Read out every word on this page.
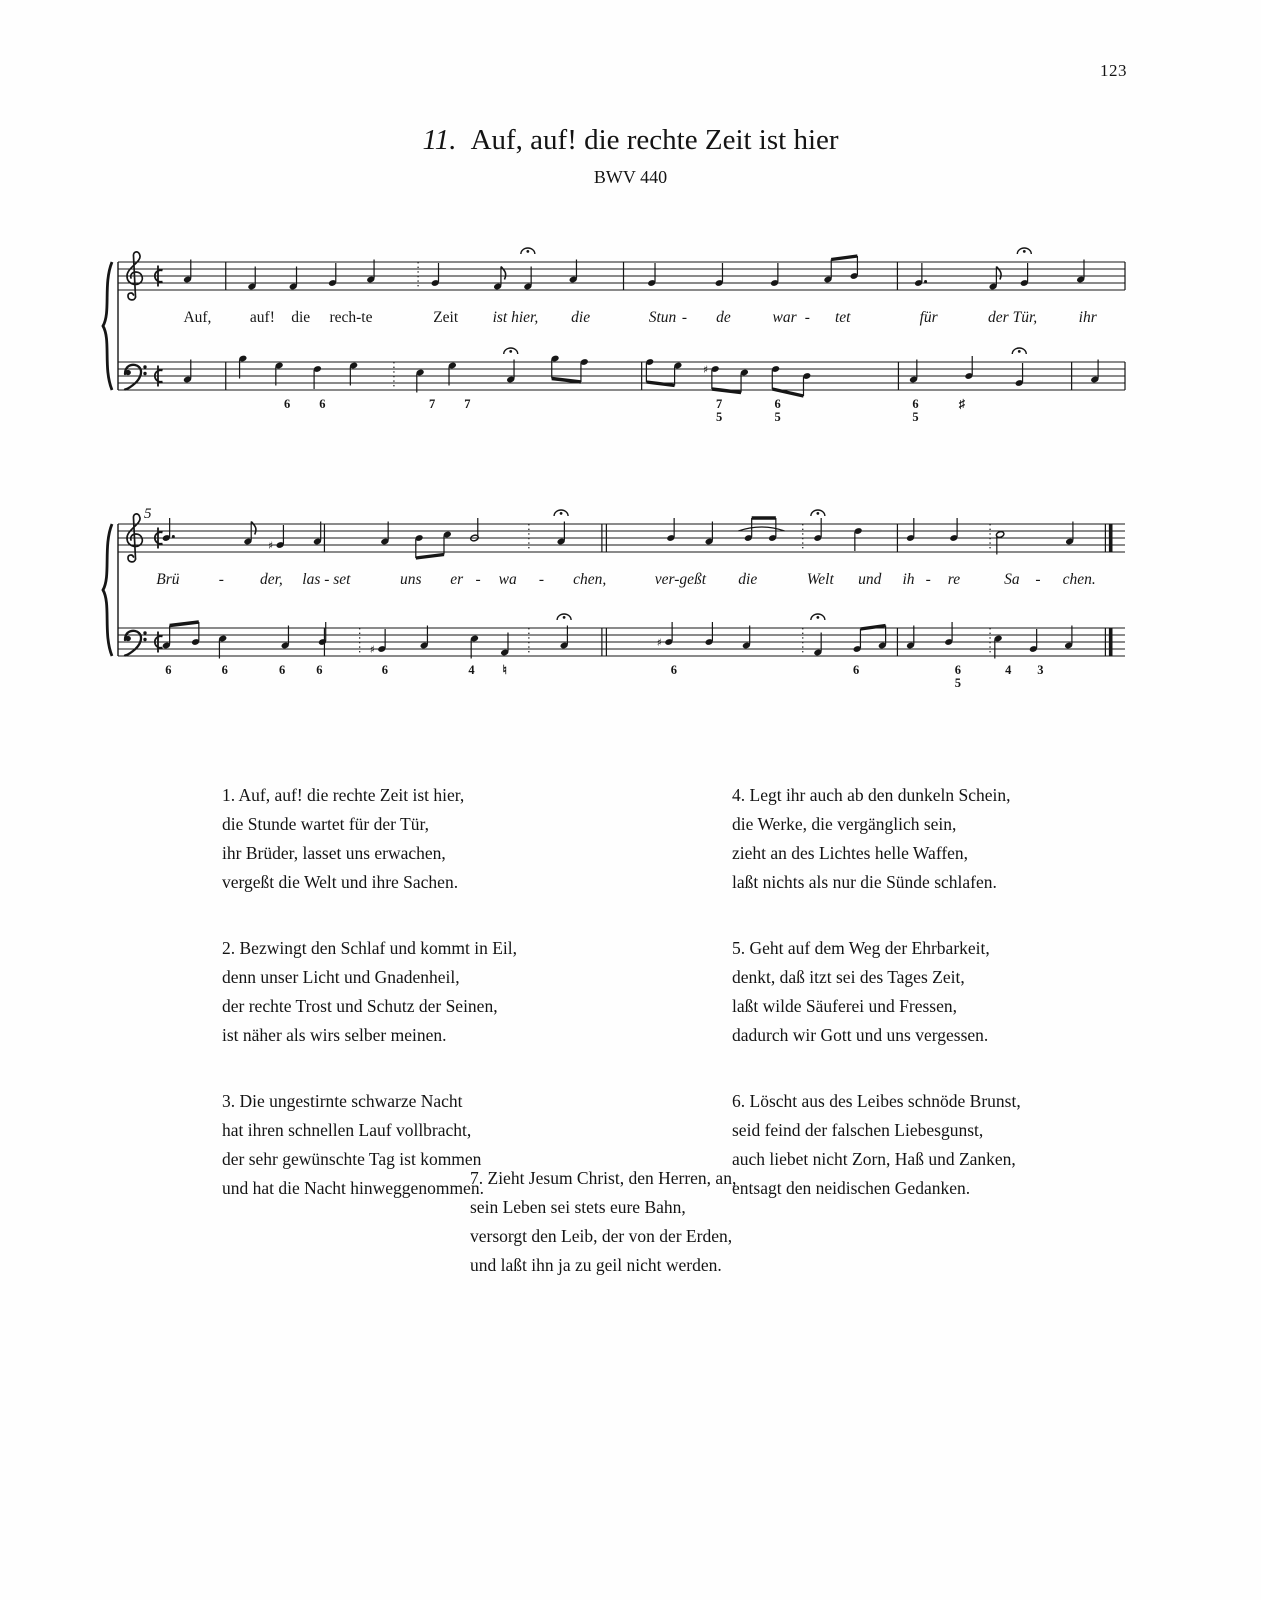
123
11. Auf, auf! die rechte Zeit ist hier
BWV 440
Auf, auf! die rech-te	Zeit ist hier, die	Stun - de	war - tet	für	der Tür,	ihr
♯
6 6	7 7	7
5
6
5
6
5
♯
5
♯
Brü	- der, las - set	uns er - wa - chen,	ver-geßt die	Welt und ih - re	Sa - chen.
♯
♯
6	6	6 6	6	4 ♮	6	6	6
5
4 3

1. Auf, auf! die rechte Zeit ist hier,

die Stunde wartet für der Tür,

ihr Brüder, lasset uns erwachen,

vergeßt die Welt und ihre Sachen.

2. Bezwingt den Schlaf und kommt in Eil,

denn unser Licht und Gnadenheil,

der rechte Trost und Schutz der Seinen,

ist näher als wirs selber meinen.

3. Die ungestirnte schwarze Nacht

hat ihren schnellen Lauf vollbracht,

der sehr gewünschte Tag ist kommen

und hat die Nacht hinweggenommen.

4. Legt ihr auch ab den dunkeln Schein,

die Werke, die vergänglich sein,

zieht an des Lichtes helle Waffen,

laßt nichts als nur die Sünde schlafen.

5. Geht auf dem Weg der Ehrbarkeit,

denkt, daß itzt sei des Tages Zeit,

laßt wilde Säuferei und Fressen,

dadurch wir Gott und uns vergessen.

6. Löscht aus des Leibes schnöde Brunst,

seid feind der falschen Liebesgunst,

auch liebet nicht Zorn, Haß und Zanken,

entsagt den neidischen Gedanken.

7. Zieht Jesum Christ, den Herren, an,

sein Leben sei stets eure Bahn,

versorgt den Leib, der von der Erden,

und laßt ihn ja zu geil nicht werden.
